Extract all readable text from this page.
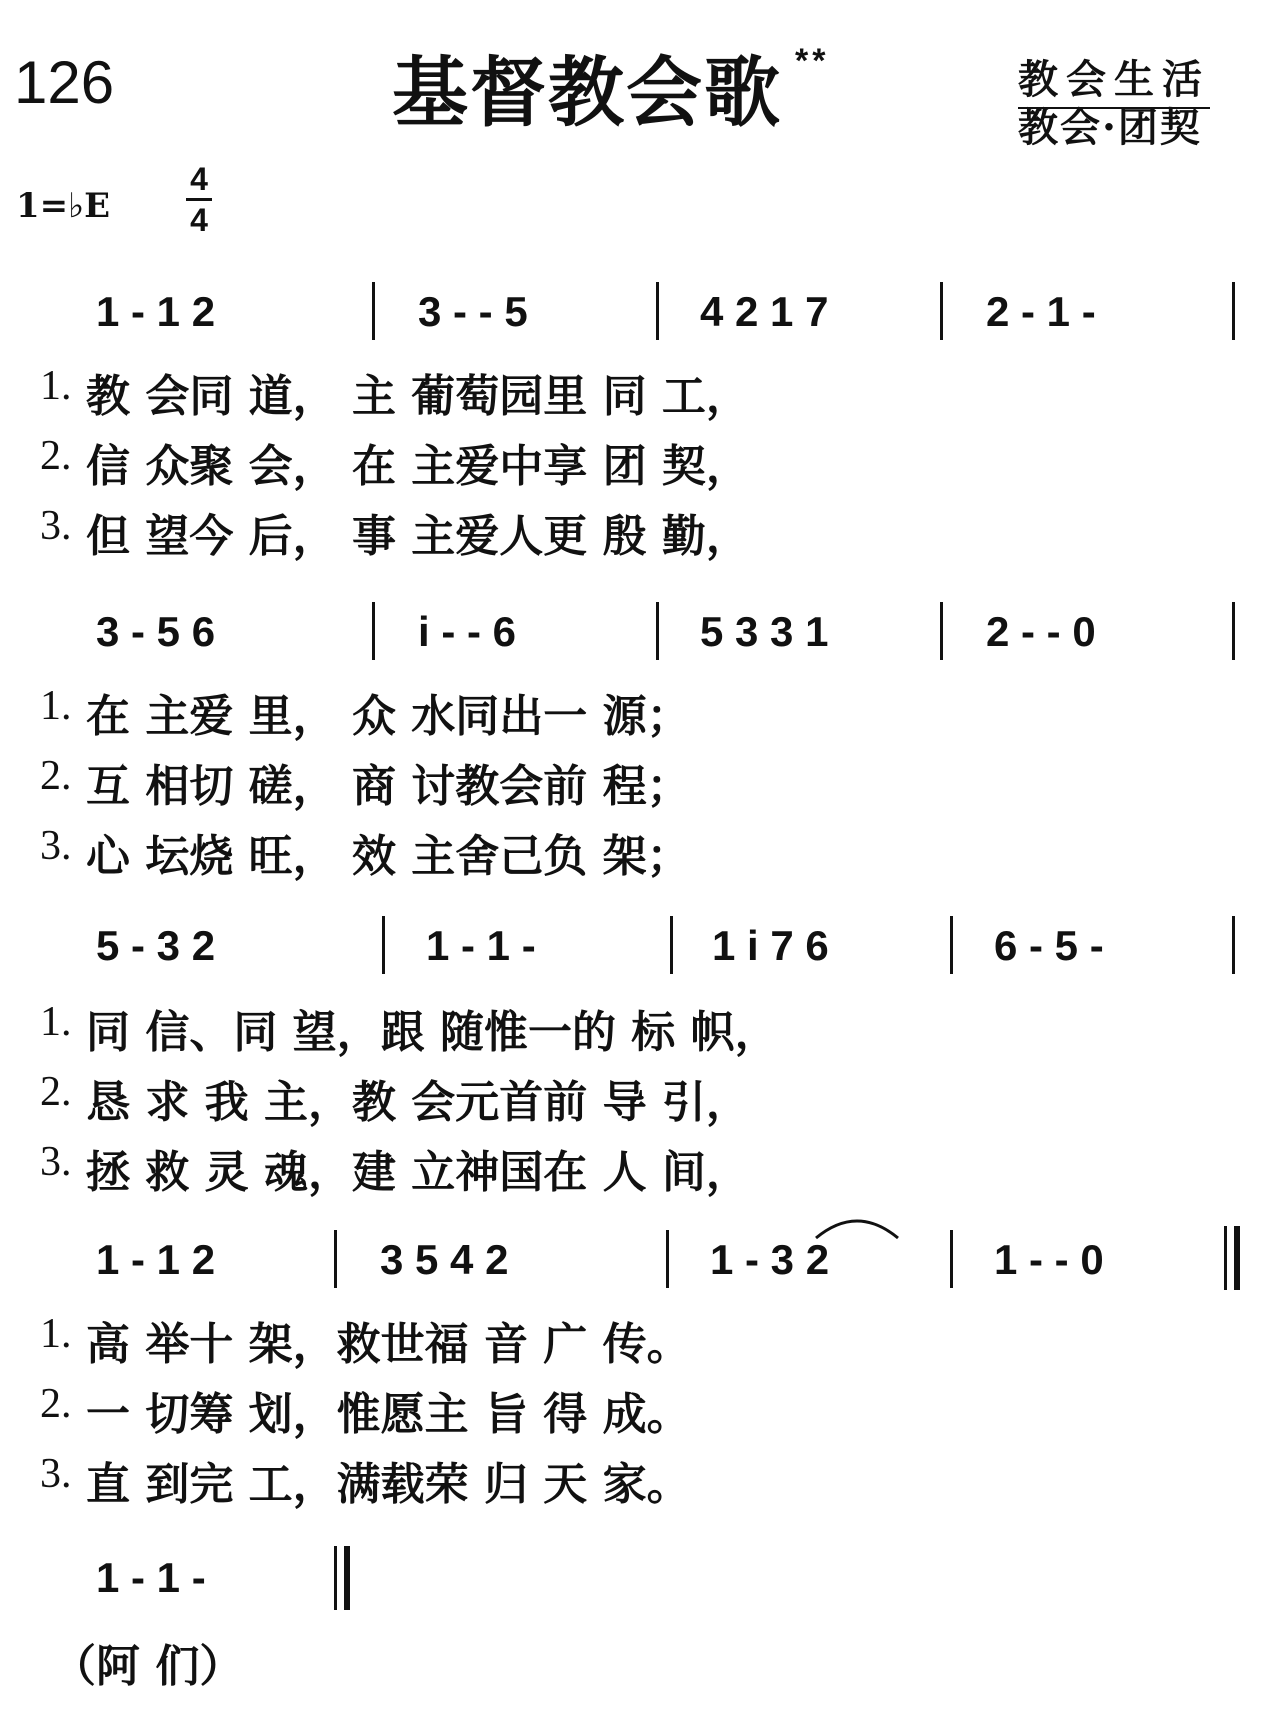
126	基督教会歌 **	教会生活
教会·团契
1=♭E
4
4
1 - 1 2	3 - - 5	4 2 1 7	2 - 1 -
1. 教 会同 道， 主 葡萄园里 同 工，
2. 信 众聚 会， 在 主爱中享 团 契，
3. 但 望今 后， 事 主爱人更 殷 勤，
3 - 5 6	i - - 6	5 3 3 1	2 - - 0
1. 在 主爱 里， 众 水同出一 源；
2. 互 相切 磋， 商 讨教会前 程；
3. 心 坛烧 旺， 效 主舍己负 架；
5 - 3 2	1 - 1 -	1 i 7 6	6 - 5 -
1. 同 信、同 望，跟 随惟一的 标 帜，
2. 恳 求 我 主，教 会元首前 导 引，
3. 拯 救 灵 魂，建 立神国在 人 间，
1 - 1 2	3 5 4 2	1 - 3 2	1 - - 0
1. 高 举十 架，救世福 音 广 传。
2. 一 切筹 划，惟愿主 旨 得 成。
3. 直 到完 工，满载荣 归 天 家。
1 - 1 -
（阿 们）
